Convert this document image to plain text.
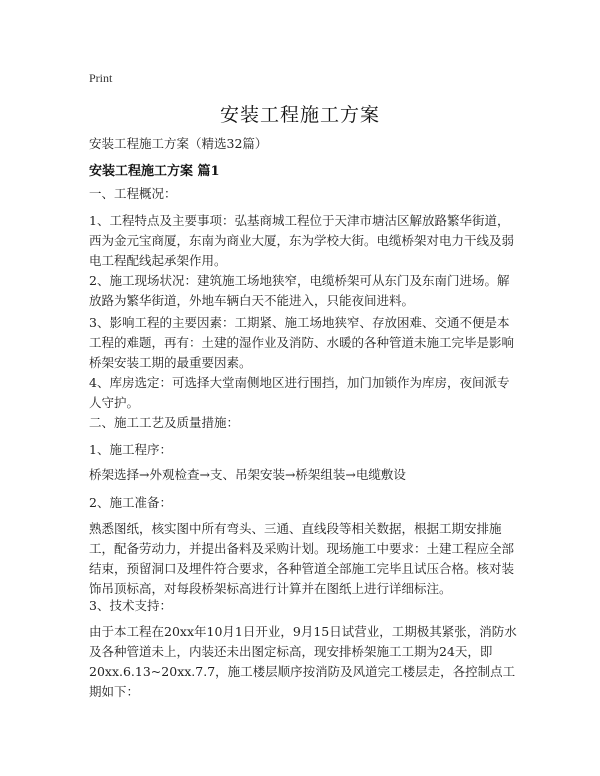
Print
安装工程施工方案
安装工程施工方案（精选32篇）
安装工程施工方案 篇1
一、工程概况：
1、工程特点及主要事项：弘基商城工程位于天津市塘沽区解放路繁华街道，西为金元宝商厦，东南为商业大厦，东为学校大街。电缆桥架对电力干线及弱电工程配线起承架作用。
2、施工现场状况：建筑施工场地狭窄，电缆桥架可从东门及东南门进场。解放路为繁华街道，外地车辆白天不能进入，只能夜间进料。
3、影响工程的主要因素：工期紧、施工场地狭窄、存放困难、交通不便是本工程的难题，再有：土建的湿作业及消防、水暖的各种管道未施工完毕是影响桥架安装工期的最重要因素。
4、库房选定：可选择大堂南侧地区进行围挡，加门加锁作为库房，夜间派专人守护。
二、施工工艺及质量措施：
1、施工程序：
桥架选择→外观检查→支、吊架安装→桥架组装→电缆敷设
2、施工准备：
熟悉图纸，核实图中所有弯头、三通、直线段等相关数据，根据工期安排施工，配备劳动力，并提出备料及采购计划。现场施工中要求：土建工程应全部结束，预留洞口及埋件符合要求，各种管道全部施工完毕且试压合格。核对装饰吊顶标高，对每段桥架标高进行计算并在图纸上进行详细标注。
3、技术支持：
由于本工程在20xx年10月1日开业，9月15日试营业，工期极其紧张，消防水及各种管道未上，内装还未出图定标高，现安排桥架施工工期为24天，即20xx.6.13~20xx.7.7，施工楼层顺序按消防及风道完工楼层走，各控制点工期如下：
